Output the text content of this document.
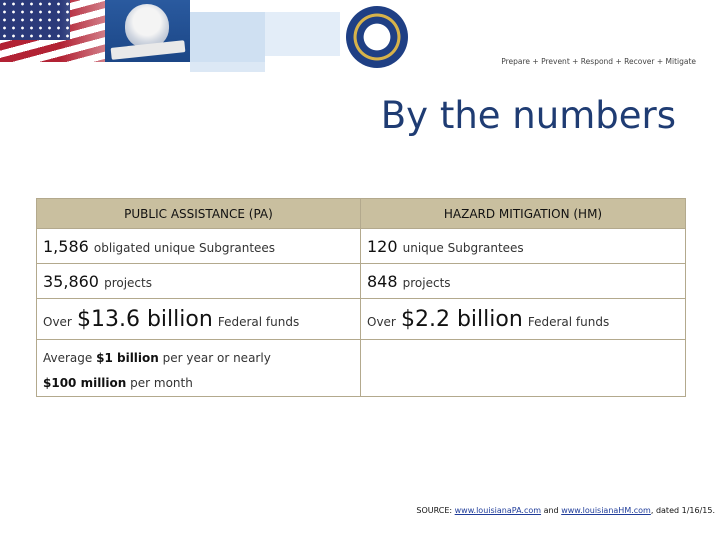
Prepare + Prevent + Respond + Recover + Mitigate
By the numbers
PUBLIC ASSISTANCE (PA)	HAZARD MITIGATION (HM)
1,586 obligated unique Subgrantees	120 unique Subgrantees
35,860 projects	848 projects
Over $13.6 billion Federal funds	Over $2.2 billion Federal funds

Average $1 billion per year or nearly
$100 million per month	

SOURCE: www.louisianaPA.com and www.louisianaHM.com, dated 1/16/15.
